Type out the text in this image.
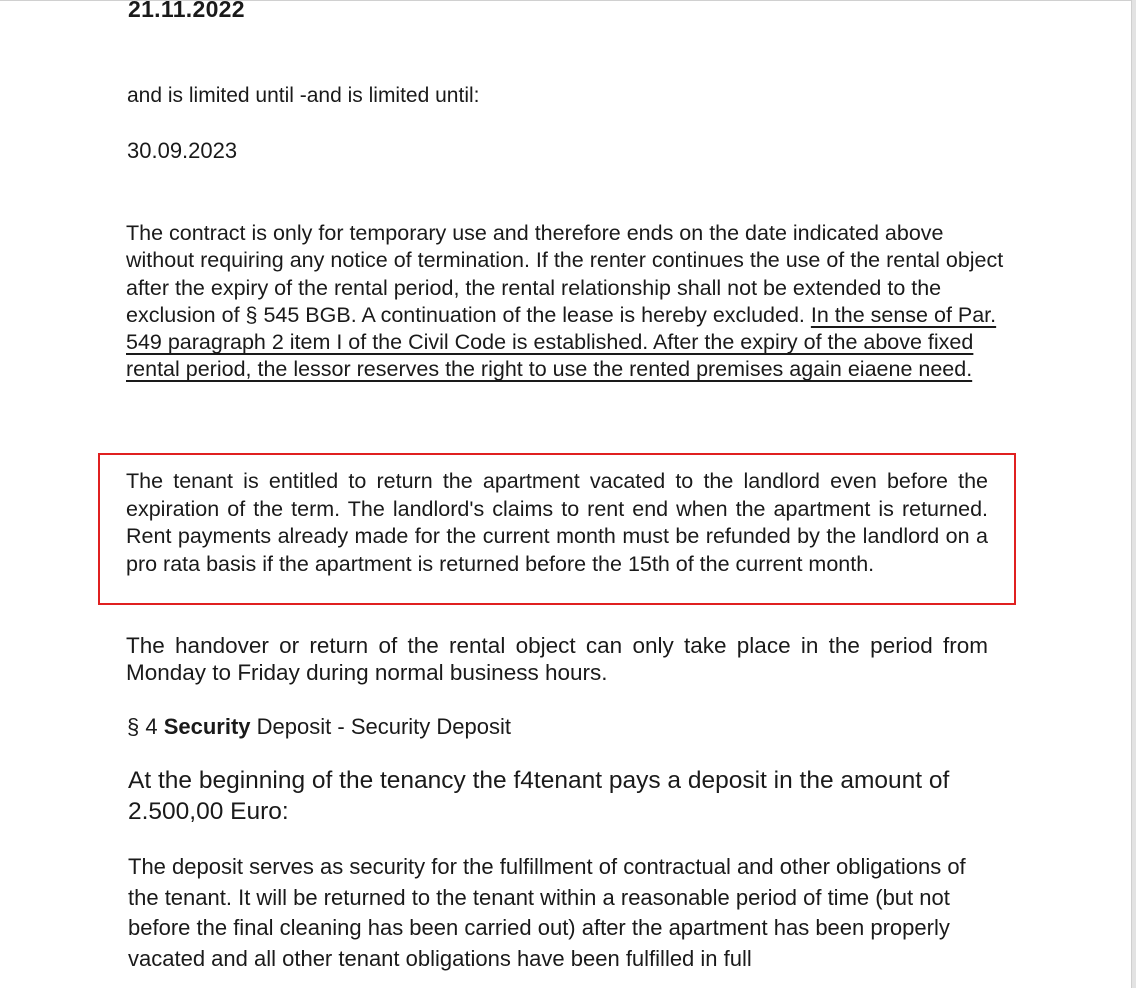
21.11.2022

and is limited until -and is limited until:

30.09.2023

The contract is only for temporary use and therefore ends on the date indicated above without requiring any notice of termination. If the renter continues the use of the rental object after the expiry of the rental period, the rental relationship shall not be extended to the exclusion of § 545 BGB. A continuation of the lease is hereby excluded. In the sense of Par. 549 paragraph 2 item I of the Civil Code is established. After the expiry of the above fixed rental period, the lessor reserves the right to use the rented premises again eiaene need.

The tenant is entitled to return the apartment vacated to the landlord even before the expiration of the term. The landlord's claims to rent end when the apartment is returned. Rent payments already made for the current month must be refunded by the landlord on a pro rata basis if the apartment is returned before the 15th of the current month.

The handover or return of the rental object can only take place in the period from Monday to Friday during normal business hours.

§ 4 Security Deposit - Security Deposit

At the beginning of the tenancy the f4tenant pays a deposit in the amount of 2.500,00 Euro:

The deposit serves as security for the fulfillment of contractual and other obligations of the tenant. It will be returned to the tenant within a reasonable period of time (but not before the final cleaning has been carried out) after the apartment has been properly vacated and all other tenant obligations have been fulfilled in full
